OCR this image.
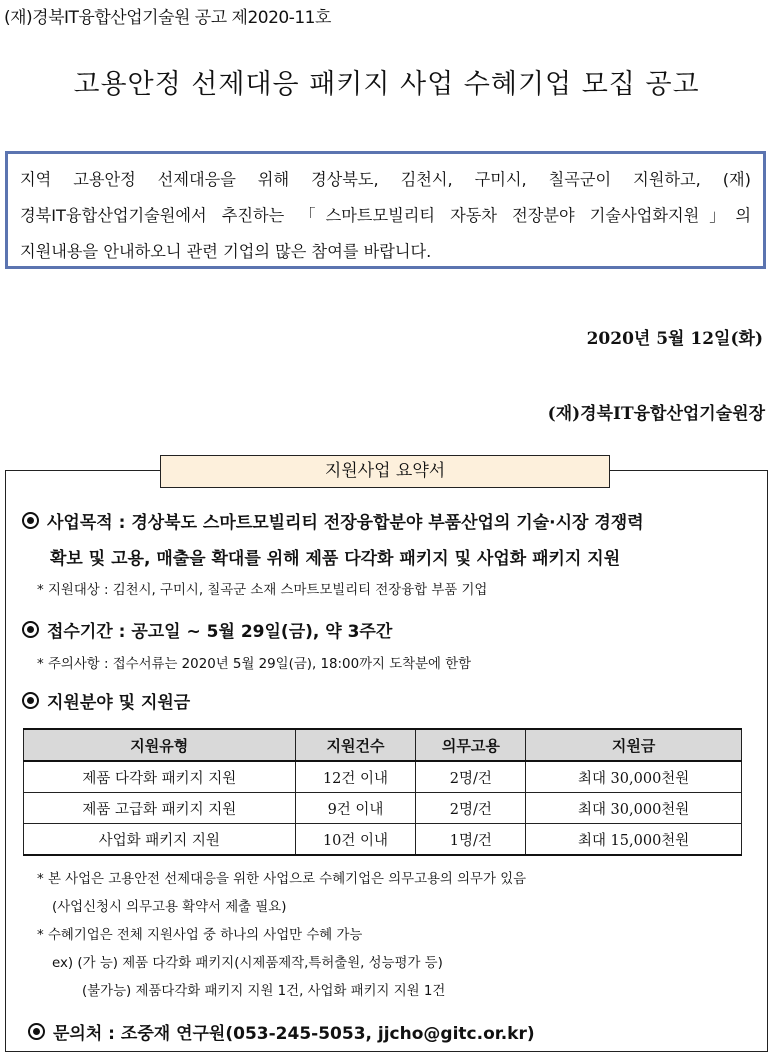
(재)경북IT융합산업기술원 공고 제2020-11호
고용안정 선제대응 패키지 사업 수혜기업 모집 공고
지역 고용안정 선제대응을 위해 경상북도, 김천시, 구미시, 칠곡군이 지원하고, (재)경북IT융합산업기술원에서 추진하는 「스마트모빌리티 자동차 전장분야 기술사업화지원」의 지원내용을 안내하오니 관련 기업의 많은 참여를 바랍니다.
2020년 5월 12일(화)
(재)경북IT융합산업기술원장
지원사업 요약서
사업목적 : 경상북도 스마트모빌리티 전장융합분야 부품산업의 기술·시장 경쟁력
확보 및 고용, 매출을 확대를 위해 제품 다각화 패키지 및 사업화 패키지 지원
* 지원대상 : 김천시, 구미시, 칠곡군 소재 스마트모빌리티 전장융합 부품 기업
접수기간 : 공고일 ~ 5월 29일(금), 약 3주간
* 주의사항 : 접수서류는 2020년 5월 29일(금), 18:00까지 도착분에 한함
지원분야 및 지원금
지원유형	지원건수	의무고용	지원금
제품 다각화 패키지 지원	12건 이내	2명/건	최대 30,000천원
제품 고급화 패키지 지원	9건 이내	2명/건	최대 30,000천원
사업화 패키지 지원	10건 이내	1명/건	최대 15,000천원
* 본 사업은 고용안전 선제대응을 위한 사업으로 수혜기업은 의무고용의 의무가 있음
(사업신청시 의무고용 확약서 제출 필요)
* 수혜기업은 전체 지원사업 중 하나의 사업만 수혜 가능
ex) (가 능) 제품 다각화 패키지(시제품제작,특허출원, 성능평가 등)
(불가능) 제품다각화 패키지 지원 1건, 사업화 패키지 지원 1건
문의처 : 조중재 연구원(053-245-5053, jjcho@gitc.or.kr)
